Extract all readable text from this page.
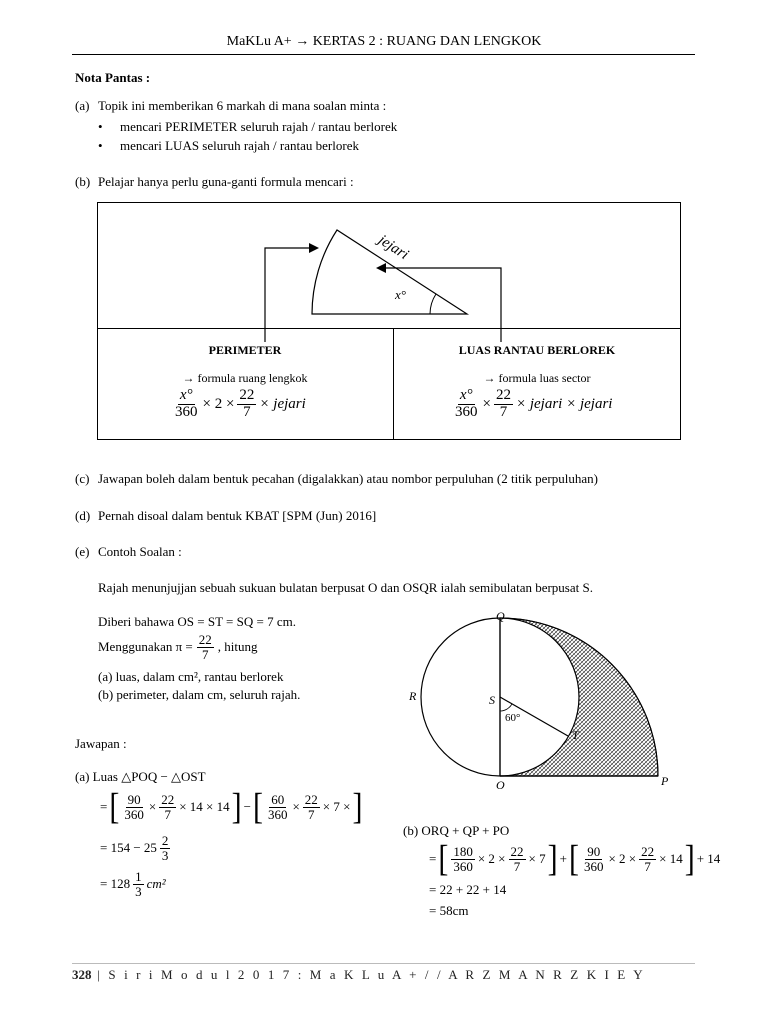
MaKLu A+ → KERTAS 2 : RUANG DAN LENGKOK
Nota Pantas :
(a) Topik ini memberikan 6 markah di mana soalan minta :
• mencari PERIMETER seluruh rajah / rantau berlorek
• mencari LUAS seluruh rajah / rantau berlorek
(b) Pelajar hanya perlu guna-ganti formula mencari :
jejari
x°
PERIMETER
→ formula ruang lengkok
$\frac{x^\circ}{360} \times 2 \times \frac{22}{7}$ × jejari
LUAS RANTAU BERLOREK
→ formula luas sector
$\frac{x^\circ}{360} \times \frac{22}{7}$ × jejari × jejari
(c) Jawapan boleh dalam bentuk pecahan (digalakkan) atau nombor perpuluhan (2 titik perpuluhan)
(d) Pernah disoal dalam bentuk KBAT [SPM (Jun) 2016]
(e) Contoh Soalan :
Rajah menunjujjan sebuah sukuan bulatan berpusat O dan OSQR ialah semibulatan berpusat S.
Diberi bahawa OS = ST = SQ = 7 cm.
Menggunakan $\pi = \frac{22}{7}$ , hitung
(a) luas, dalam cm², rantau berlorek
(b) perimeter, dalam cm, seluruh rajah.
Q
R	S
T
O	P
60°
Jawapan :
(a) Luas △POQ − △OST
= [ $\frac{90}{360} \times \frac{22}{7} \times 14 \times 14$ ] − [ $\frac{60}{360} \times \frac{22}{7} \times 7$ × ]
= $154 - 25 \frac{2}{3}$
= $128 \frac{1}{3} cm^2$
(b) ORQ + QP + PO
= [ $\frac{180}{360} \times 2 \times \frac{22}{7} \times 7$ ] + [ $\frac{90}{360} \times 2 \times \frac{22}{7} \times 14$ ] + 14
= 22 + 22 + 14
= 58cm
328 | S i r i M o d u l 2 0 1 7 : M a K L u A + / / A R Z M A N R Z K I E Y
